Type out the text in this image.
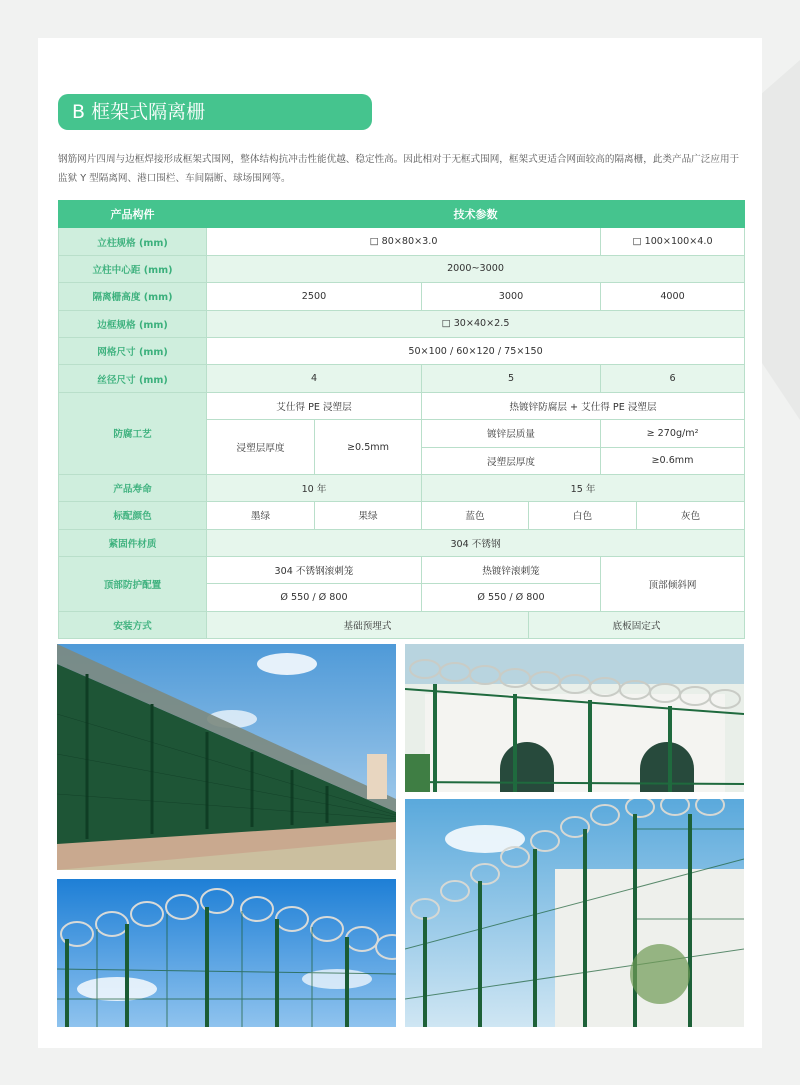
B 框架式隔离栅

钢筋网片四周与边框焊接形成框架式围网，整体结构抗冲击性能优越、稳定性高。因此相对于无框式围网，框架式更适合网面较高的隔离栅，此类产品广泛应用于监狱 Y 型隔离网、港口围栏、车间隔断、球场围网等。

产品构件	技术参数					
立柱规格 (mm)	□ 80×80×3.0				□ 100×100×4.0	
立柱中心距 (mm)	2000~3000					
隔离栅高度 (mm)	2500		3000		4000	
边框规格 (mm)	□ 30×40×2.5					
网格尺寸 (mm)	50×100 / 60×120 / 75×150					
丝径尺寸 (mm)	4		5		6	
防腐工艺	艾仕得 PE 浸塑层		热镀锌防腐层 + 艾仕得 PE 浸塑层			
	浸塑层厚度	≥0.5mm	镀锌层质量		≥ 270g/m²	
			浸塑层厚度		≥0.6mm	
产品寿命	10 年		15 年			
标配颜色	墨绿	果绿	蓝色	白色		灰色
紧固件材质	304 不锈钢					
顶部防护配置	304 不锈钢滚刺笼		热镀锌滚刺笼		顶部倾斜网	
	Ø 550 / Ø 800		Ø 550 / Ø 800			
安装方式	基础预埋式			底板固定式		
